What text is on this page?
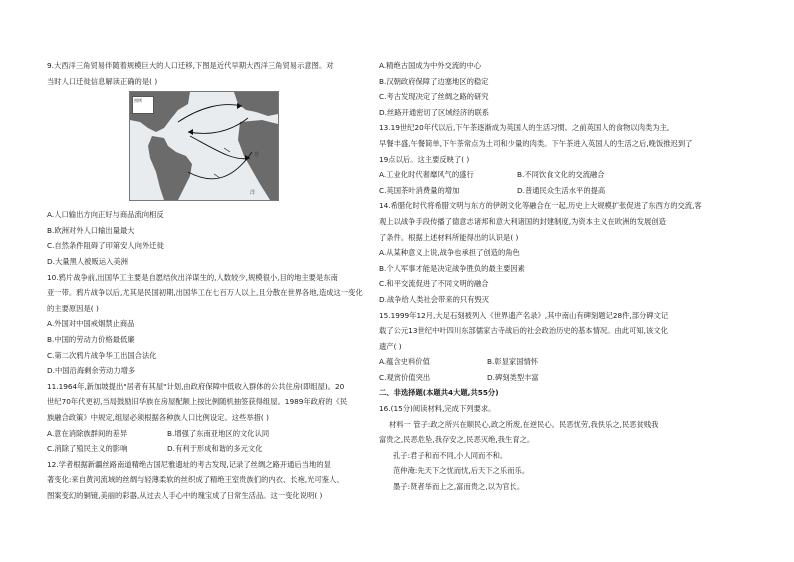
9.大西洋三角贸易伴随着规模巨大的人口迁移,下图是近代早期大西洋三角贸易示意图。对
当时人口迁徙信息解读正确的是( )
图例
非
洋
A.人口输出方向正好与商品流向相反
B.欧洲对外人口输出量最大
C.自然条件阻碍了印第安人向外迁徙
D.大量黑人被贩运入美洲
10.鸦片战争前,出国华工主要是自愿结伙出洋谋生的,人数较少,规模很小,目的地主要是东南
亚一带。鸦片战争以后,尤其是民国初期,出国华工在七百万人以上,且分散在世界各地,造成这一变化
的主要原因是( )
A.外国对中国戒烟禁止商品
B.中国的劳动力价格最低廉
C.第二次鸦片战争华工出国合法化
D.中国沿海剩余劳动力增多
11.1964年,新加坡提出"居者有其屋"计划,由政府保障中低收入群体的公共住房(即组屋)。20
世纪70年代更初,当局鼓励旧华族在房屋配额上按比例随机抽签获得组屋。1989年政府的《民
族融合政策》中规定,组屋必须根据各种族人口比例设定。这些举措( )
A.意在消除族群间的差异	B.增强了东南亚地区的文化认同
C.消除了殖民主义的影响	D.有利于形成和谐的多元文化
12.学者根据新疆丝路南道精绝古国尼雅遗址的考古发现,记录了丝绸之路开通后当地的显
著变化:来自黄河流域的丝绸与轻薄柔软的丝织成了精绝王室贵族们的内衣、长袍,光可鉴人、
图案变幻的铜镜,美丽的彩器,从过去人手心中的瑰宝成了日常生活品。这一变化说明( )
A.精绝古国成为中外交流的中心
B.汉朝政府保障了边塞地区的稳定
C.考古发现决定了丝绸之路的研究
D.丝路开通密切了区域经济的联系
13.19世纪20年代以后,下午茶逐渐成为英国人的生活习惯。之前英国人的食物以肉类为主,
早餐丰盛,午餐简单,下午茶常点为土司和少量的肉类。下午茶进入英国人的生活之后,晚饭推迟到了
19点以后。这主要反映了( )
A.工业化时代奢靡风气的盛行	B.不同饮食文化的交流融合
C.英国茶叶消费量的增加	D.普通民众生活水平的提高
14.希腊化时代将希腊文明与东方的伊朗文化等融合在一起,历史上大规模扩张促进了东西方的交流,客
观上以战争手段传播了德意志诸邦和意大利诸国的封建制度,为资本主义在欧洲的发展创造
了条件。根据上述材料所能得出的认识是( )
A.从某种意义上说,战争也承担了创造的角色
B.个人军事才能是决定战争胜负的最主要因素
C.和平交流促进了不同文明的融合
D.战争给人类社会带来的只有毁灭
15.1999年12月,大足石刻被列入《世界遗产名录》,其中南山有碑刻题记28件,部分碑文记
载了公元13世纪中叶四川东部儒家古寺战后的社会政治历史的基本情况。由此可知,该文化
遗产( )
A.蕴含史料价值	B.彰显家国情怀
C.观赏价值突出	D.碑刻类型丰富
二、非选择题(本题共4大题,共55分)
16.(15分)阅读材料,完成下列要求。
材料一 管子:政之所兴在顺民心,政之所废,在逆民心。民恶忧劳,我佚乐之,民恶贫贱我
富贵之,民恶危坠,我存安之,民恶灭绝,我生育之。
孔子:君子和而不同,小人同而不和。
范仲淹:先天下之忧而忧,后天下之乐而乐。
墨子:贤者举而上之,富而贵之,以为官长。
